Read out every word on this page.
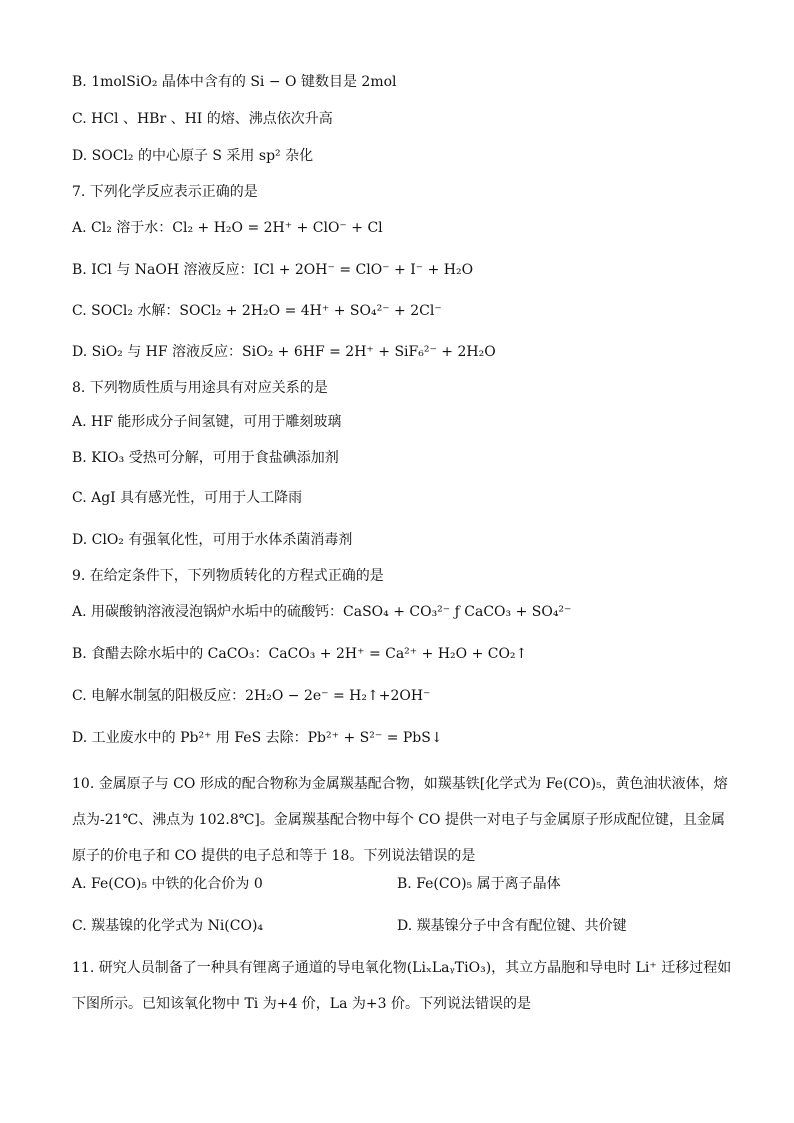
B. 1molSiO₂ 晶体中含有的 Si − O 键数目是 2mol
C. HCl 、HBr 、HI 的熔、沸点依次升高
D. SOCl₂ 的中心原子 S 采用 sp² 杂化
7. 下列化学反应表示正确的是
A. Cl₂ 溶于水：Cl₂ + H₂O = 2H⁺ + ClO⁻ + Cl
B. ICl 与 NaOH 溶液反应：ICl + 2OH⁻ = ClO⁻ + I⁻ + H₂O
C. SOCl₂ 水解：SOCl₂ + 2H₂O = 4H⁺ + SO₄²⁻ + 2Cl⁻
D. SiO₂ 与 HF 溶液反应：SiO₂ + 6HF = 2H⁺ + SiF₆²⁻ + 2H₂O
8. 下列物质性质与用途具有对应关系的是
A. HF 能形成分子间氢键，可用于雕刻玻璃
B. KIO₃ 受热可分解，可用于食盐碘添加剂
C. AgI 具有感光性，可用于人工降雨
D. ClO₂ 有强氧化性，可用于水体杀菌消毒剂
9. 在给定条件下，下列物质转化的方程式正确的是
A. 用碳酸钠溶液浸泡锅炉水垢中的硫酸钙：CaSO₄ + CO₃²⁻ ƒ CaCO₃ + SO₄²⁻
B. 食醋去除水垢中的 CaCO₃：CaCO₃ + 2H⁺ = Ca²⁺ + H₂O + CO₂↑
C. 电解水制氢的阳极反应：2H₂O − 2e⁻ = H₂↑+2OH⁻
D. 工业废水中的 Pb²⁺ 用 FeS 去除：Pb²⁺ + S²⁻ = PbS↓
10. 金属原子与 CO 形成的配合物称为金属羰基配合物，如羰基铁[化学式为 Fe(CO)₅，黄色油状液体，熔点为-21℃、沸点为 102.8℃]。金属羰基配合物中每个 CO 提供一对电子与金属原子形成配位键，且金属原子的价电子和 CO 提供的电子总和等于 18。下列说法错误的是
A. Fe(CO)₅ 中铁的化合价为 0	B. Fe(CO)₅ 属于离子晶体
C. 羰基镍的化学式为 Ni(CO)₄	D. 羰基镍分子中含有配位键、共价键
11. 研究人员制备了一种具有锂离子通道的导电氧化物(LiₓLaᵧTiO₃)，其立方晶胞和导电时 Li⁺ 迁移过程如下图所示。已知该氧化物中 Ti 为+4 价，La 为+3 价。下列说法错误的是
